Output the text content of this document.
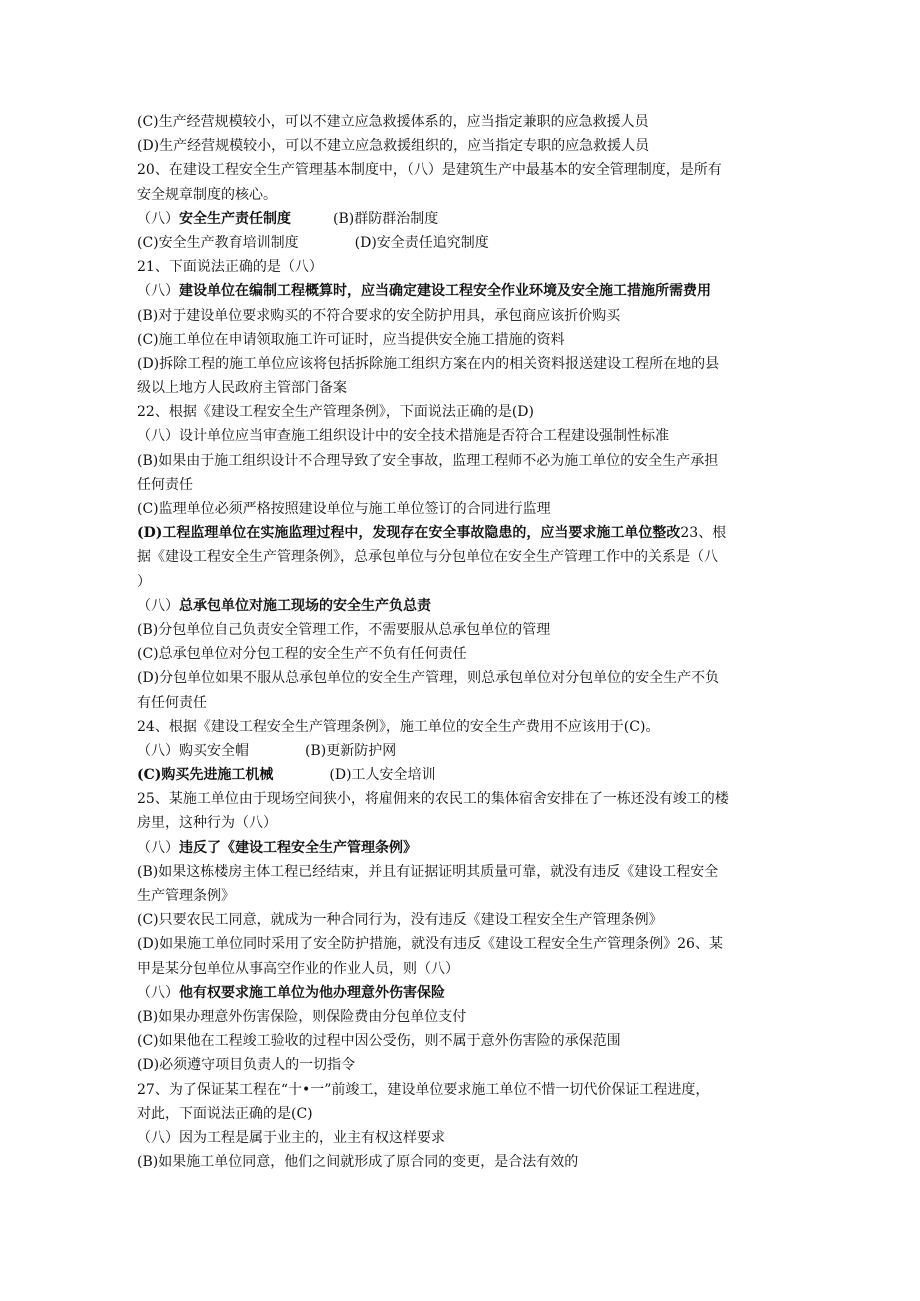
(C)生产经营规模较小，可以不建立应急救援体系的，应当指定兼职的应急救援人员
(D)生产经营规模较小，可以不建立应急救援组织的，应当指定专职的应急救援人员
20、在建设工程安全生产管理基本制度中，（八）是建筑生产中最基本的安全管理制度，是所有
安全规章制度的核心。
（八）安全生产责任制度　　　(B)群防群治制度
(C)安全生产教育培训制度　　　　(D)安全责任追究制度
21、下面说法正确的是（八）
（八）建设单位在编制工程概算时，应当确定建设工程安全作业环境及安全施工措施所需费用
(B)对于建设单位要求购买的不符合要求的安全防护用具，承包商应该折价购买
(C)施工单位在申请领取施工许可证时，应当提供安全施工措施的资料
(D)拆除工程的施工单位应该将包括拆除施工组织方案在内的相关资料报送建设工程所在地的县
级以上地方人民政府主管部门备案
22、根据《建设工程安全生产管理条例》，下面说法正确的是(D)
（八）设计单位应当审查施工组织设计中的安全技术措施是否符合工程建设强制性标准
(B)如果由于施工组织设计不合理导致了安全事故，监理工程师不必为施工单位的安全生产承担
任何责任
(C)监理单位必须严格按照建设单位与施工单位签订的合同进行监理
(D)工程监理单位在实施监理过程中，发现存在安全事故隐患的，应当要求施工单位整改23、根
据《建设工程安全生产管理条例》，总承包单位与分包单位在安全生产管理工作中的关系是（八
）
（八）总承包单位对施工现场的安全生产负总责
(B)分包单位自己负责安全管理工作，不需要服从总承包单位的管理
(C)总承包单位对分包工程的安全生产不负有任何责任
(D)分包单位如果不服从总承包单位的安全生产管理，则总承包单位对分包单位的安全生产不负
有任何责任
24、根据《建设工程安全生产管理条例》，施工单位的安全生产费用不应该用于(C)。
（八）购买安全帽　　　　(B)更新防护网
(C)购买先进施工机械　　　　(D)工人安全培训
25、某施工单位由于现场空间狭小，将雇佣来的农民工的集体宿舍安排在了一栋还没有竣工的楼
房里，这种行为（八）
（八）违反了《建设工程安全生产管理条例》
(B)如果这栋楼房主体工程已经结束，并且有证据证明其质量可靠，就没有违反《建设工程安全
生产管理条例》
(C)只要农民工同意，就成为一种合同行为，没有违反《建设工程安全生产管理条例》
(D)如果施工单位同时采用了安全防护措施，就没有违反《建设工程安全生产管理条例》26、某
甲是某分包单位从事高空作业的作业人员，则（八）
（八）他有权要求施工单位为他办理意外伤害保险
(B)如果办理意外伤害保险，则保险费由分包单位支付
(C)如果他在工程竣工验收的过程中因公受伤，则不属于意外伤害险的承保范围
(D)必须遵守项目负责人的一切指令
27、为了保证某工程在“十•一”前竣工，建设单位要求施工单位不惜一切代价保证工程进度，
对此，下面说法正确的是(C)
（八）因为工程是属于业主的，业主有权这样要求
(B)如果施工单位同意，他们之间就形成了原合同的变更，是合法有效的
